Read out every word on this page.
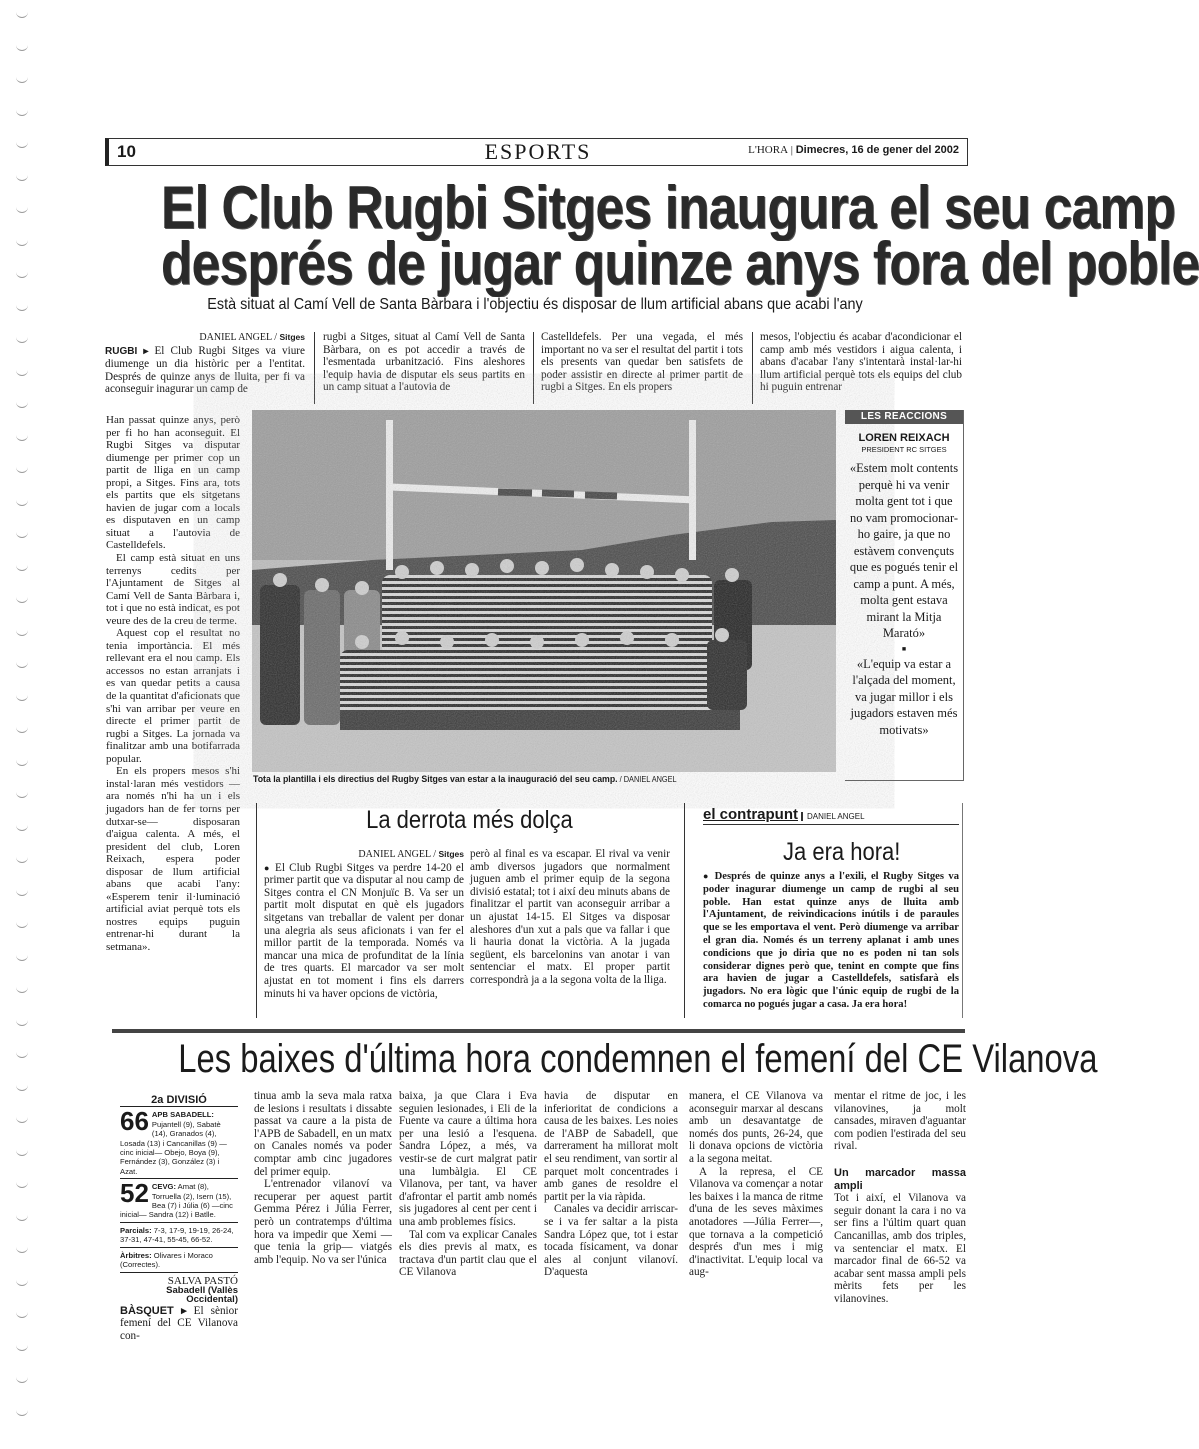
10	ESPORTS	L'HORA | Dimecres, 16 de gener del 2002
El Club Rugbi Sitges inaugura el seu camp
després de jugar quinze anys fora del poble
Està situat al Camí Vell de Santa Bàrbara i l'objectiu és disposar de llum artificial abans que acabi l'any
DANIEL ANGEL / Sitges

RUGBI ▸ El Club Rugbi Sitges va viure diumenge un dia històric per a l'entitat. Després de quinze anys de lluita, per fi va aconseguir inagurar un camp de

rugbi a Sitges, situat al Camí Vell de Santa Bàrbara, on es pot accedir a través de l'esmentada urbanització. Fins aleshores l'equip havia de disputar els seus partits en un camp situat a l'autovia de

Castelldefels. Per una vegada, el més important no va ser el resultat del partit i tots els presents van quedar ben satisfets de poder assistir en directe al primer partit de rugbi a Sitges. En els propers

mesos, l'objectiu és acabar d'acondicionar el camp amb més vestidors i aigua calenta, i abans d'acabar l'any s'intentarà instal·lar-hi llum artificial perquè tots els equips del club hi puguin entrenar

Han passat quinze anys, però per fi ho han aconseguit. El Rugbi Sitges va disputar diumenge per primer cop un partit de lliga en un camp propi, a Sitges. Fins ara, tots els partits que els sitgetans havien de jugar com a locals es disputaven en un camp situat a l'autovia de Castelldefels.

El camp està situat en uns terrenys cedits per l'Ajuntament de Sitges al Camí Vell de Santa Bàrbara i, tot i que no està indicat, es pot veure des de la creu de terme.

Aquest cop el resultat no tenia importància. El més rellevant era el nou camp. Els accessos no estan arranjats i es van quedar petits a causa de la quantitat d'aficionats que s'hi van arribar per veure en directe el primer partit de rugbi a Sitges. La jornada va finalitzar amb una botifarrada popular.

En els propers mesos s'hi instal·laran més vestidors —ara només n'hi ha un i els jugadors han de fer torns per dutxar-se— disposaran d'aigua calenta. A més, el president del club, Loren Reixach, espera poder disposar de llum artificial abans que acabi l'any: «Esperem tenir il·luminació artificial aviat perquè tots els nostres equips puguin entrenar-hi durant la setmana».

Tota la plantilla i els directius del Rugby Sitges van estar a la inauguració del seu camp. / DANIEL ANGEL
LES REACCIONS
LOREN REIXACH
PRESIDENT RC SITGES
«Estem molt contents perquè hi va venir molta gent tot i que no vam promocionar-ho gaire, ja que no estàvem convençuts que es pogués tenir el camp a punt. A més, molta gent estava mirant la Mitja Marató»
■
«L'equip va estar a l'alçada del moment, va jugar millor i els jugadors estaven més motivats»
La derrota més dolça
DANIEL ANGEL / Sitges

● El Club Rugbi Sitges va perdre 14-20 el primer partit que va disputar al nou camp de Sitges contra el CN Monjuïc B. Va ser un partit molt disputat en què els jugadors sitgetans van treballar de valent per donar una alegria als seus aficionats i van fer el millor partit de la temporada. Només va mancar una mica de profunditat de la línia de tres quarts. El marcador va ser molt ajustat en tot moment i fins els darrers minuts hi va haver opcions de victòria,

però al final es va escapar. El rival va venir amb diversos jugadors que normalment juguen amb el primer equip de la segona divisió estatal; tot i així deu minuts abans de finalitzar el partit van aconseguir arribar a un ajustat 14-15. El Sitges va disposar aleshores d'un xut a pals que va fallar i que li hauria donat la victòria. A la jugada següent, els barcelonins van anotar i van sentenciar el matx. El proper partit correspondrà ja a la segona volta de la lliga.

el contrapunt DANIEL ANGEL
Ja era hora!

● Després de quinze anys a l'exili, el Rugby Sitges va poder inagurar diumenge un camp de rugbi al seu poble. Han estat quinze anys de lluita amb l'Ajuntament, de reivindicacions inútils i de paraules que se les emportava el vent. Però diumenge va arribar el gran dia. Només és un terreny aplanat i amb unes condicions que jo diria que no es poden ni tan sols considerar dignes però que, tenint en compte que fins ara havien de jugar a Castelldefels, satisfarà els jugadors. No era lògic que l'únic equip de rugbi de la comarca no pogués jugar a casa. Ja era hora!

Les baixes d'última hora condemnen el femení del CE Vilanova
2a DIVISIÓ
66 APB SABADELL: Pujantell (9), Sabatè (14), Granados (4), Losada (13) i Cancanillas (9) —cinc inicial— Obejo, Boya (9), Fernández (3), González (3) i Azat.
52 CEVG: Amat (8), Torruella (2), Isern (15), Bea (7) i Júlia (6) —cinc inicial— Sandra (12) i Batlle.
Parcials: 7-3, 17-9, 19-19, 26-24, 37-31, 47-41, 55-45, 66-52.
Àrbitres: Olivares i Moraco (Correctes).
SALVA PASTÓ
Sabadell (Vallès Occidental)

BÀSQUET ▸ El sènior femení del CE Vilanova con-

tinua amb la seva mala ratxa de lesions i resultats i dissabte passat va caure a la pista de l'APB de Sabadell, en un matx on Canales només va poder comptar amb cinc jugadores del primer equip.

L'entrenador vilanoví va recuperar per aquest partit Gemma Pérez i Júlia Ferrer, però un contratemps d'última hora va impedir que Xemi —que tenia la grip— viatgés amb l'equip. No va ser l'única

baixa, ja que Clara i Eva seguien lesionades, i Eli de la Fuente va caure a última hora per una lesió a l'esquena. Sandra López, a més, va vestir-se de curt malgrat patir una lumbàlgia. El CE Vilanova, per tant, va haver d'afrontar el partit amb només sis jugadores al cent per cent i una amb problemes físics.

Tal com va explicar Canales els dies previs al matx, es tractava d'un partit clau que el CE Vilanova

havia de disputar en inferioritat de condicions a causa de les baixes. Les noies de l'ABP de Sabadell, que darrerament ha millorat molt el seu rendiment, van sortir al parquet molt concentrades i amb ganes de resoldre el partit per la via ràpida.

Canales va decidir arriscar-se i va fer saltar a la pista Sandra López que, tot i estar tocada físicament, va donar ales al conjunt vilanoví. D'aquesta

manera, el CE Vilanova va aconseguir marxar al descans amb un desavantatge de només dos punts, 26-24, que li donava opcions de victòria a la segona meitat.

A la represa, el CE Vilanova va començar a notar les baixes i la manca de ritme d'una de les seves màximes anotadores —Júlia Ferrer—, que tornava a la competició després d'un mes i mig d'inactivitat. L'equip local va aug-

mentar el ritme de joc, i les vilanovines, ja molt cansades, miraven d'aguantar com podien l'estirada del seu rival.

Un marcador massa ampli

Tot i així, el Vilanova va seguir donant la cara i no va ser fins a l'últim quart quan Cancanillas, amb dos triples, va sentenciar el matx. El marcador final de 66-52 va acabar sent massa ampli pels mèrits fets per les vilanovines.
